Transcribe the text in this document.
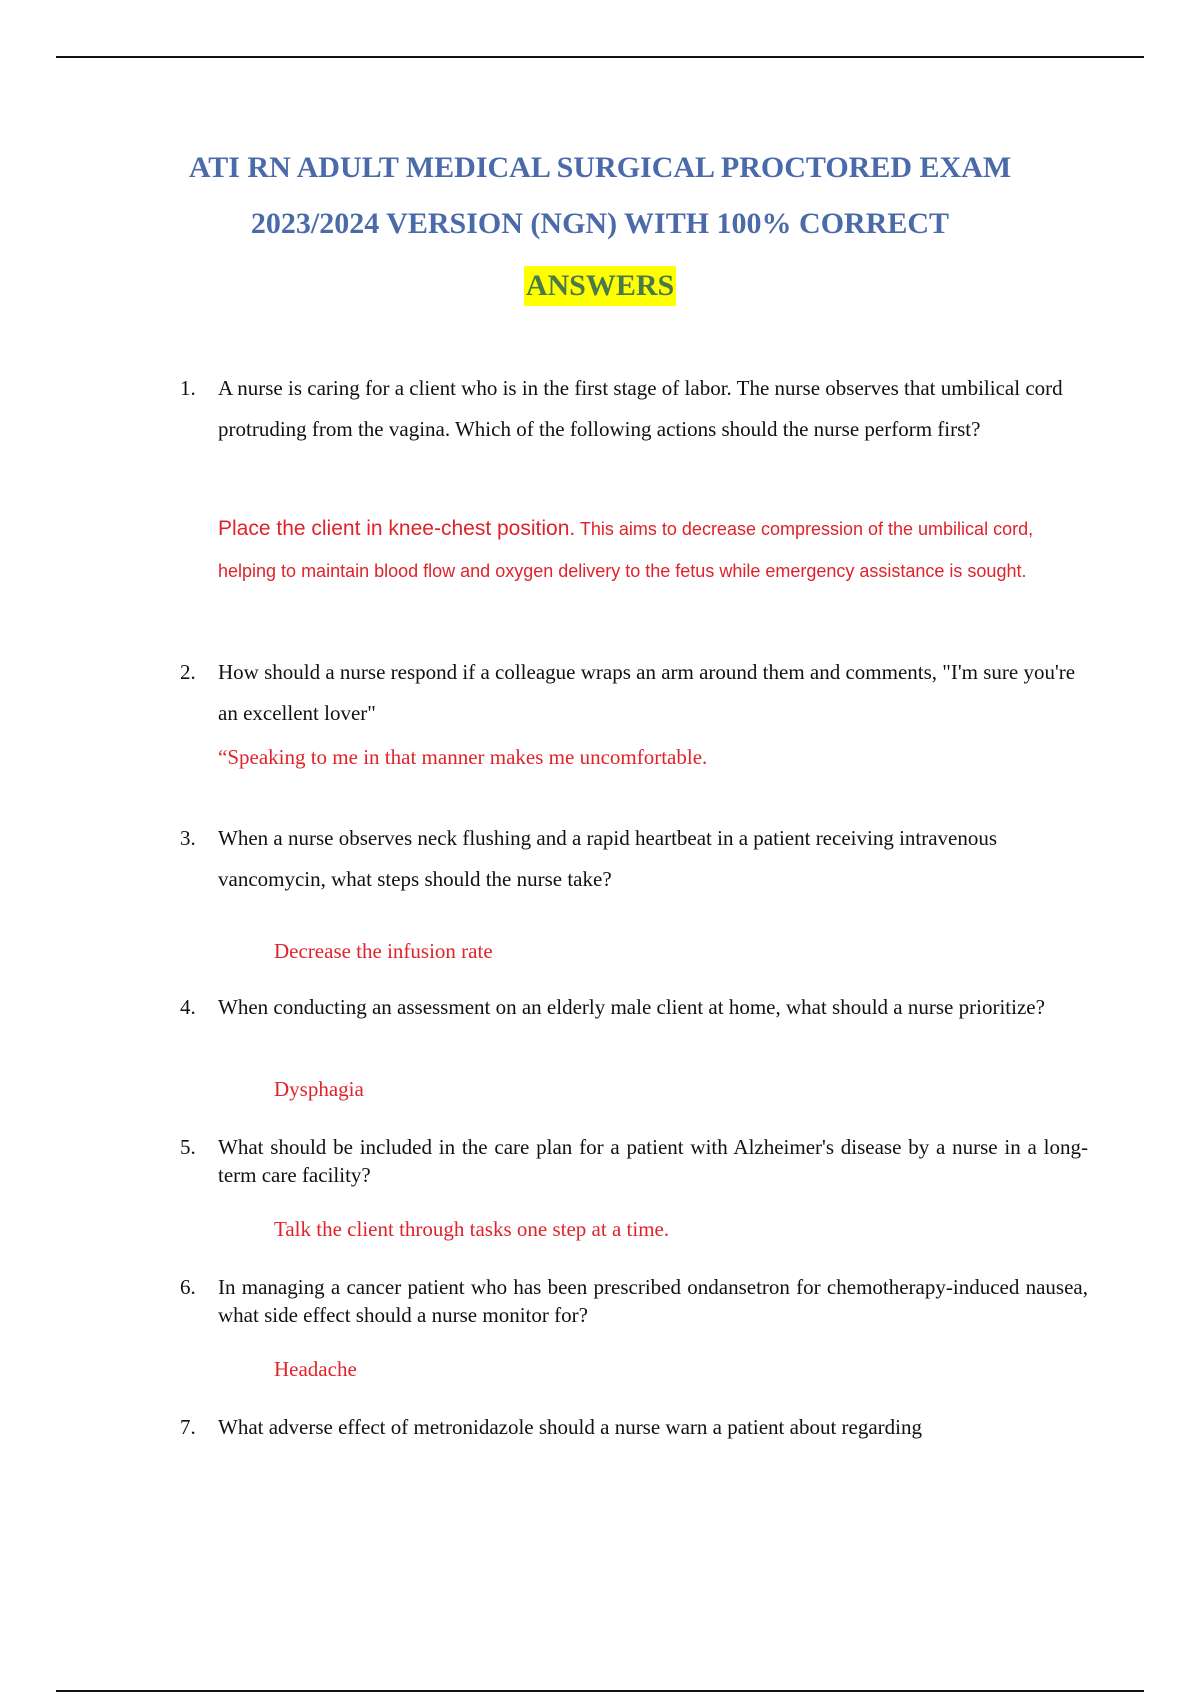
ATI RN ADULT MEDICAL SURGICAL PROCTORED EXAM
2023/2024 VERSION (NGN) WITH 100% CORRECT
ANSWERS
1. A nurse is caring for a client who is in the first stage of labor. The nurse observes that umbilical cord protruding from the vagina. Which of the following actions should the nurse perform first?
Place the client in knee-chest position. This aims to decrease compression of the umbilical cord, helping to maintain blood flow and oxygen delivery to the fetus while emergency assistance is sought.
2. How should a nurse respond if a colleague wraps an arm around them and comments, "I'm sure you're an excellent lover"
“Speaking to me in that manner makes me uncomfortable.
3. When a nurse observes neck flushing and a rapid heartbeat in a patient receiving intravenous vancomycin, what steps should the nurse take?
Decrease the infusion rate
4. When conducting an assessment on an elderly male client at home, what should a nurse prioritize?
Dysphagia
5. What should be included in the care plan for a patient with Alzheimer's disease by a nurse in a long-term care facility?
Talk the client through tasks one step at a time.
6. In managing a cancer patient who has been prescribed ondansetron for chemotherapy-induced nausea, what side effect should a nurse monitor for?
Headache
7. What adverse effect of metronidazole should a nurse warn a patient about regarding
